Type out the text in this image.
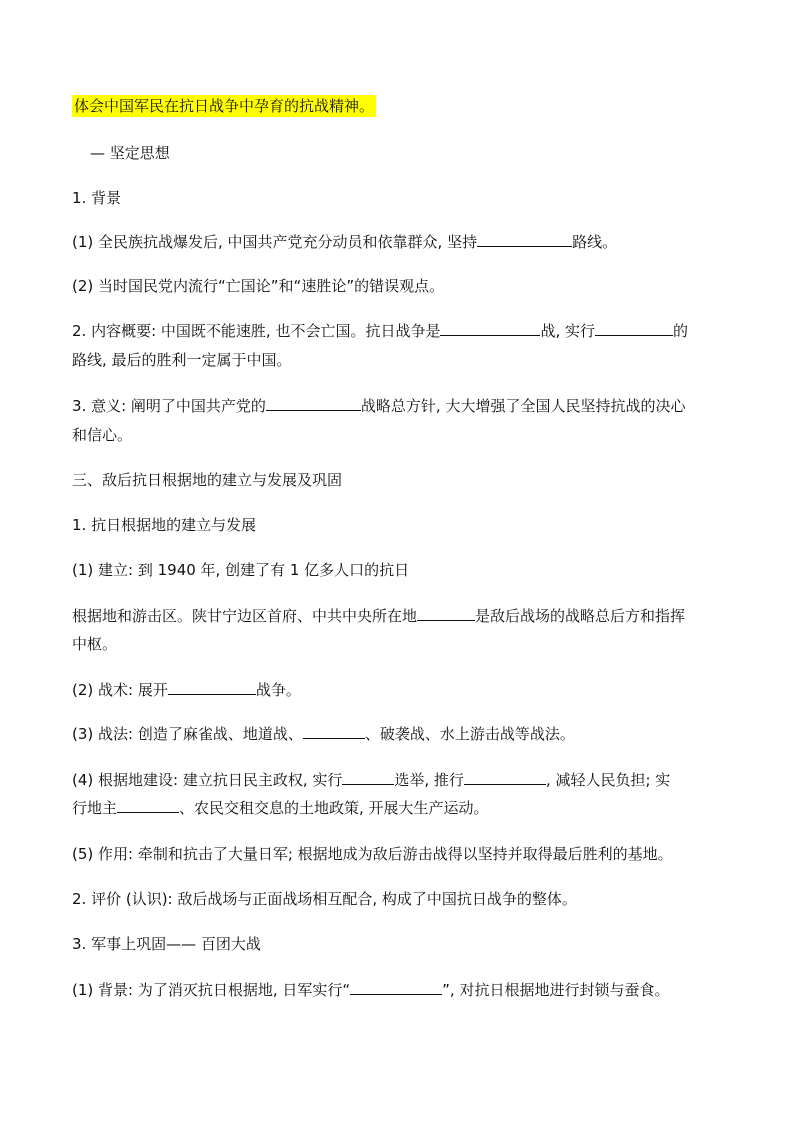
体会中国军民在抗日战争中孕育的抗战精神。
— 坚定思想
1. 背景
(1) 全民族抗战爆发后, 中国共产党充分动员和依靠群众, 坚持	路线。
(2) 当时国民党内流行“亡国论”和“速胜论”的错误观点。
2. 内容概要: 中国既不能速胜, 也不会亡国。抗日战争是	战, 实行	的
路线, 最后的胜利一定属于中国。
3. 意义: 阐明了中国共产党的	战略总方针, 大大增强了全国人民坚持抗战的决心
和信心。
三、敌后抗日根据地的建立与发展及巩固
1. 抗日根据地的建立与发展
(1) 建立: 到 1940 年, 创建了有 1 亿多人口的抗日
根据地和游击区。陕甘宁边区首府、中共中央所在地	是敌后战场的战略总后方和指挥
中枢。
(2) 战术: 展开	战争。
(3) 战法: 创造了麻雀战、地道战、	、破袭战、水上游击战等战法。
(4) 根据地建设: 建立抗日民主政权, 实行	选举, 推行	, 减轻人民负担; 实
行地主	、农民交租交息的土地政策, 开展大生产运动。
(5) 作用: 牵制和抗击了大量日军; 根据地成为敌后游击战得以坚持并取得最后胜利的基地。
2. 评价 (认识): 敌后战场与正面战场相互配合, 构成了中国抗日战争的整体。
3. 军事上巩固—— 百团大战
(1) 背景: 为了消灭抗日根据地, 日军实行“	”, 对抗日根据地进行封锁与蚕食。
